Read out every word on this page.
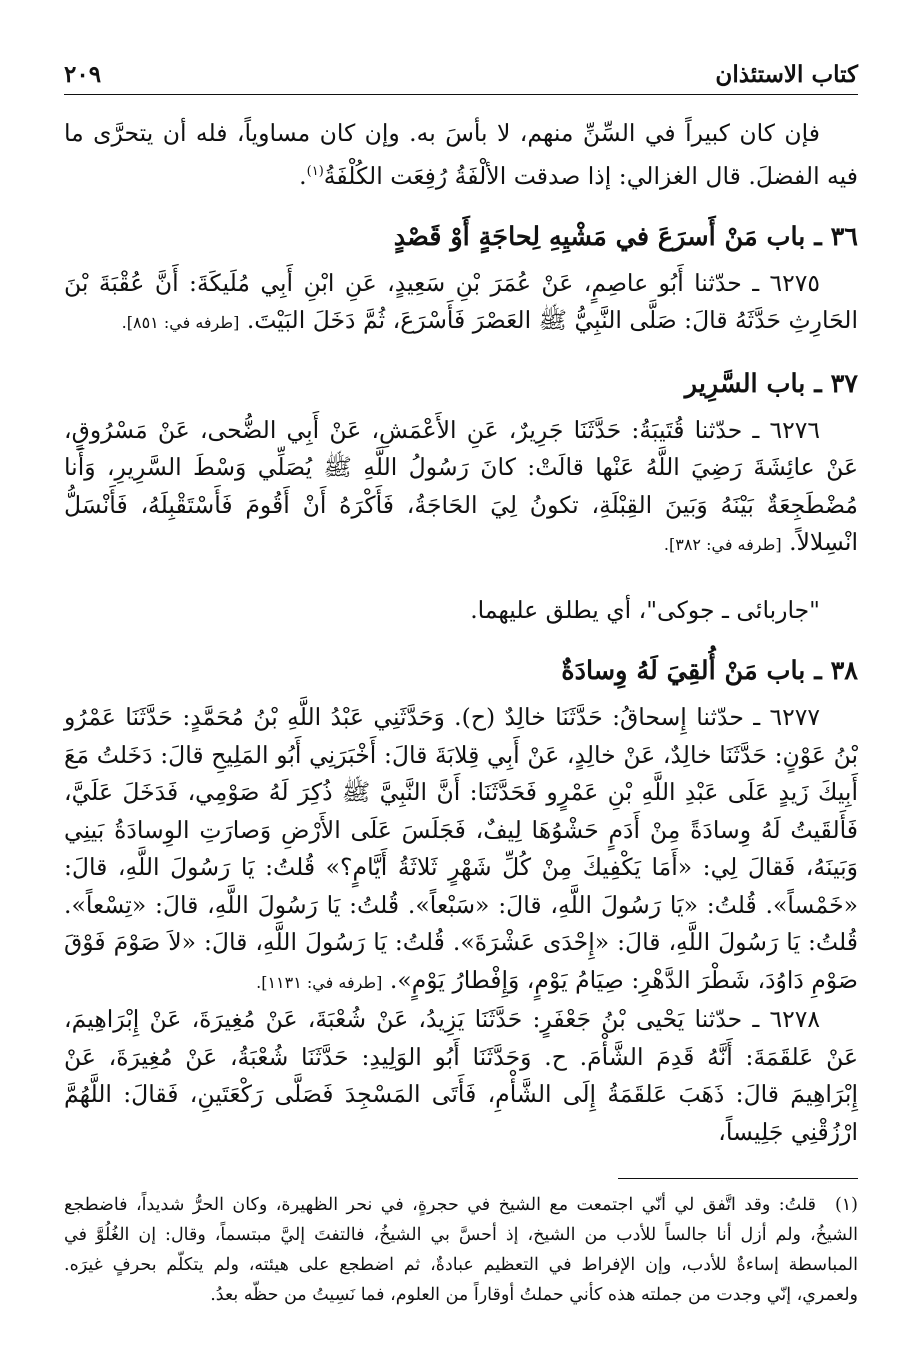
كتاب الاستئذان
٢٠٩

فإن كان كبيراً في السِّنِّ منهم، لا بأسَ به. وإن كان مساوياً، فله أن يتحرَّى ما فيه الفضلَ. قال الغزالي: إذا صدقت الألْفَةُ رُفِعَت الكُلْفَةُ$^{(١)}$.

٣٦ ـ باب مَنْ أَسرَعَ في مَشْيِهِ لِحاجَةٍ أَوْ قَصْدٍ

٦٢٧٥ ـ حدّثنا أَبُو عاصِمٍ، عَنْ عُمَرَ بْنِ سَعِيدٍ، عَنِ ابْنِ أَبِي مُلَيكَةَ: أَنَّ عُقْبَةَ بْنَ الحَارِثِ حَدَّثَهُ قالَ: صَلَّى النَّبِيُّ ﷺ العَصْرَ فَأَسْرَعَ، ثُمَّ دَخَلَ البَيْتَ. [طرفه في: ٨٥١].

٣٧ ـ باب السَّرِير

٦٢٧٦ ـ حدّثنا قُتَيبَةُ: حَدَّثَنَا جَرِيرٌ، عَنِ الأَعْمَشِ، عَنْ أَبِي الضُّحى، عَنْ مَسْرُوقٍ، عَنْ عائِشَةَ رَضِيَ اللَّهُ عَنْها قالَتْ: كانَ رَسُولُ اللَّهِ ﷺ يُصَلِّي وَسْطَ السَّرِيرِ، وَأَنا مُضْطَجِعَةٌ بَيْنَهُ وَبَينَ القِبْلَةِ، تكونُ لِيَ الحَاجَةُ، فَأَكْرَهُ أَنْ أَقُومَ فَأَسْتَقْبِلَهُ، فَأَنْسَلُّ انْسِلالاً. [طرفه في: ٣٨٢].

"جاربائى ـ جوكى"، أي يطلق عليهما.

٣٨ ـ باب مَنْ أُلقِيَ لَهُ وِسادَةٌ

٦٢٧٧ ـ حدّثنا إِسحاقُ: حَدَّثَنَا خالِدٌ (ح). وَحَدَّثَنِي عَبْدُ اللَّهِ بْنُ مُحَمَّدٍ: حَدَّثَنَا عَمْرُو بْنُ عَوْنٍ: حَدَّثَنَا خالِدٌ، عَنْ خالِدٍ، عَنْ أَبِي قِلابَةَ قالَ: أَخْبَرَنِي أَبُو المَلِيحِ قالَ: دَخَلتُ مَعَ أَبِيكَ زَيدٍ عَلَى عَبْدِ اللَّهِ بْنِ عَمْرٍو فَحَدَّثَنَا: أَنَّ النَّبِيَّ ﷺ ذُكِرَ لَهُ صَوْمِي، فَدَخَلَ عَلَيَّ، فَأَلقَيتُ لَهُ وِسادَةً مِنْ أَدَمٍ حَشْوُهَا لِيفٌ، فَجَلَسَ عَلَى الأَرْضِ وَصارَتِ الوِسادَةُ بَينِي وَبَينَهُ، فَقالَ لِي: «أَمَا يَكْفِيكَ مِنْ كُلِّ شَهْرٍ ثَلاثَةُ أَيَّامٍ؟» قُلتُ: يَا رَسُولَ اللَّهِ، قالَ: «خَمْساً». قُلتُ: «يَا رَسُولَ اللَّهِ، قالَ: «سَبْعاً». قُلتُ: يَا رَسُولَ اللَّهِ، قالَ: «تِسْعاً». قُلتُ: يَا رَسُولَ اللَّهِ، قالَ: «إِحْدَى عَشْرَةَ». قُلتُ: يَا رَسُولَ اللَّهِ، قالَ: «لاَ صَوْمَ فَوْقَ صَوْمِ دَاوُدَ، شَطْرَ الدَّهْرِ: صِيَامُ يَوْمٍ، وَإِفْطارُ يَوْمٍ». [طرفه في: ١١٣١].

٦٢٧٨ ـ حدّثنا يَحْيى بْنُ جَعْفَرٍ: حَدَّثَنَا يَزِيدُ، عَنْ شُعْبَةَ، عَنْ مُغِيرَةَ، عَنْ إِبْرَاهِيمَ، عَنْ عَلقَمَةَ: أَنَّهُ قَدِمَ الشَّأْمَ. ح. وَحَدَّثَنَا أَبُو الوَلِيدِ: حَدَّثَنَا شُعْبَةُ، عَنْ مُغِيرَةَ، عَنْ إِبْرَاهِيمَ قالَ: ذَهَبَ عَلقَمَةُ إِلَى الشَّأْمِ، فَأَتَى المَسْجِدَ فَصَلَّى رَكْعَتَينِ، فَقالَ: اللَّهُمَّ ارْزُقْنِي جَلِيساً،

(١)قلتُ: وقد اتَّفق لي أنّي اجتمعت مع الشيخ في حجرةٍ، في نحر الظهيرة، وكان الحرُّ شديداً، فاضطجع الشيخُ، ولم أزل أنا جالساً للأدب من الشيخ، إذ أحسَّ بي الشيخُ، فالتفتَ إليَّ مبتسماً، وقال: إن الغُلُوَّ في المباسطة إساءةٌ للأدب، وإن الإفراط في التعظيم عبادةٌ، ثم اضطجع على هيئته، ولم يتكلّم بحرفٍ غيرَه. ولعمري، إنّي وجدت من جملته هذه كأني حملتُ أوقاراً من العلوم، فما نَسِيتُ من حظّه بعدُ.
